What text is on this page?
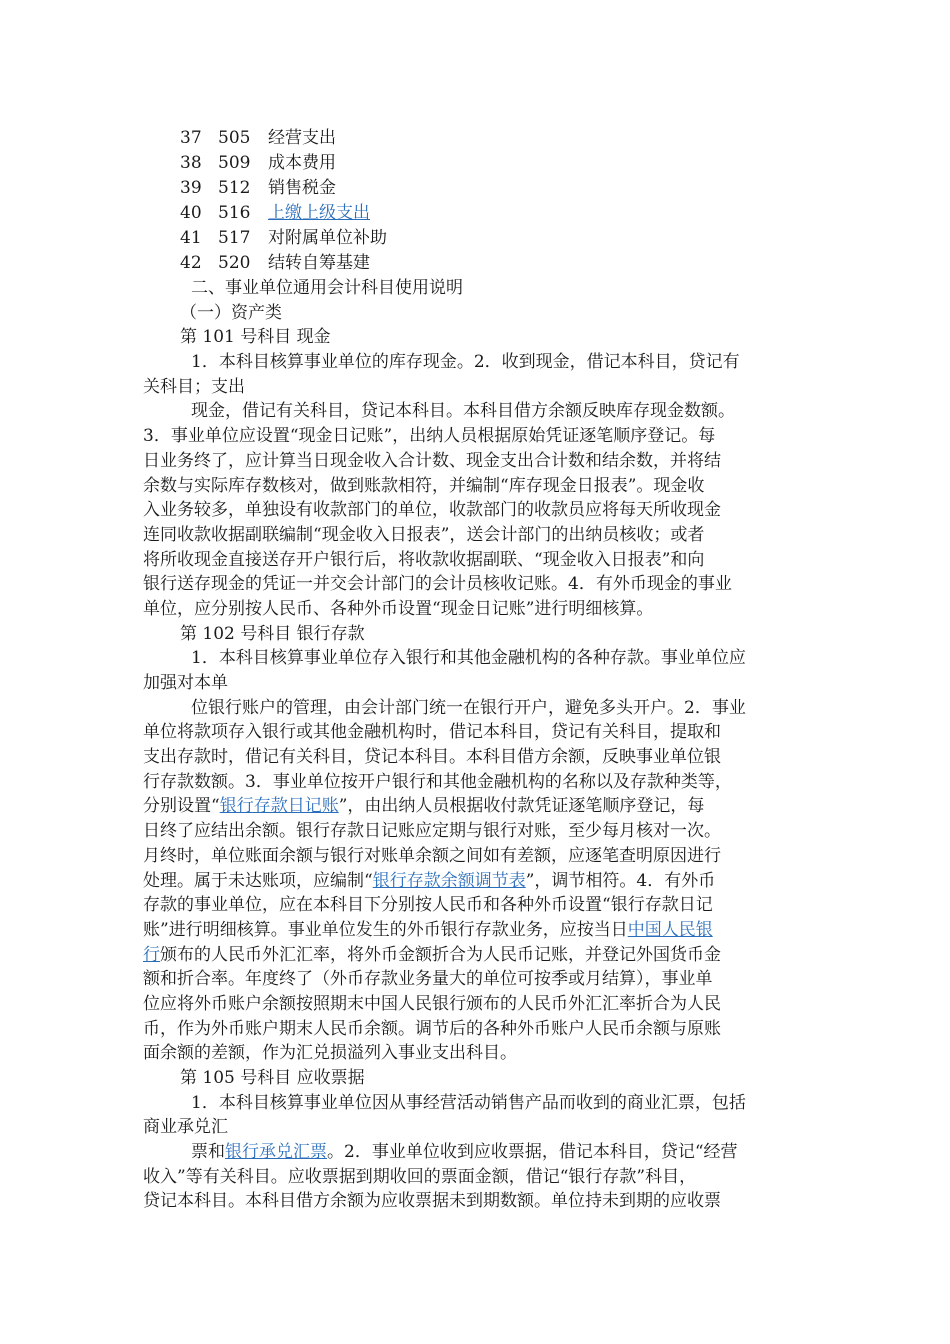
37 505 经营支出
38 509 成本费用
39 512 销售税金
40 516 上缴上级支出
41 517 对附属单位补助
42 520 结转自筹基建
二、事业单位通用会计科目使用说明
（一）资产类
第 101 号科目 现金
1．本科目核算事业单位的库存现金。2．收到现金，借记本科目，贷记有
关科目；支出
现金，借记有关科目，贷记本科目。本科目借方余额反映库存现金数额。
3．事业单位应设置“现金日记账”，出纳人员根据原始凭证逐笔顺序登记。每
日业务终了，应计算当日现金收入合计数、现金支出合计数和结余数，并将结
余数与实际库存数核对，做到账款相符，并编制“库存现金日报表”。现金收
入业务较多，单独设有收款部门的单位，收款部门的收款员应将每天所收现金
连同收款收据副联编制“现金收入日报表”，送会计部门的出纳员核收；或者
将所收现金直接送存开户银行后，将收款收据副联、“现金收入日报表”和向
银行送存现金的凭证一并交会计部门的会计员核收记账。4．有外币现金的事业
单位，应分别按人民币、各种外币设置“现金日记账”进行明细核算。
第 102 号科目 银行存款
1．本科目核算事业单位存入银行和其他金融机构的各种存款。事业单位应
加强对本单
位银行账户的管理，由会计部门统一在银行开户，避免多头开户。2．事业
单位将款项存入银行或其他金融机构时，借记本科目，贷记有关科目，提取和
支出存款时，借记有关科目，贷记本科目。本科目借方余额，反映事业单位银
行存款数额。3．事业单位按开户银行和其他金融机构的名称以及存款种类等，
分别设置“银行存款日记账”，由出纳人员根据收付款凭证逐笔顺序登记，每
日终了应结出余额。银行存款日记账应定期与银行对账，至少每月核对一次。
月终时，单位账面余额与银行对账单余额之间如有差额，应逐笔查明原因进行
处理。属于未达账项，应编制“银行存款余额调节表”，调节相符。4．有外币
存款的事业单位，应在本科目下分别按人民币和各种外币设置“银行存款日记
账”进行明细核算。事业单位发生的外币银行存款业务，应按当日中国人民银
行颁布的人民币外汇汇率，将外币金额折合为人民币记账，并登记外国货币金
额和折合率。年度终了（外币存款业务量大的单位可按季或月结算），事业单
位应将外币账户余额按照期末中国人民银行颁布的人民币外汇汇率折合为人民
币，作为外币账户期末人民币余额。调节后的各种外币账户人民币余额与原账
面余额的差额，作为汇兑损溢列入事业支出科目。
第 105 号科目 应收票据
1．本科目核算事业单位因从事经营活动销售产品而收到的商业汇票，包括
商业承兑汇
票和银行承兑汇票。2．事业单位收到应收票据，借记本科目，贷记“经营
收入”等有关科目。应收票据到期收回的票面金额，借记“银行存款”科目，
贷记本科目。本科目借方余额为应收票据未到期数额。单位持未到期的应收票
